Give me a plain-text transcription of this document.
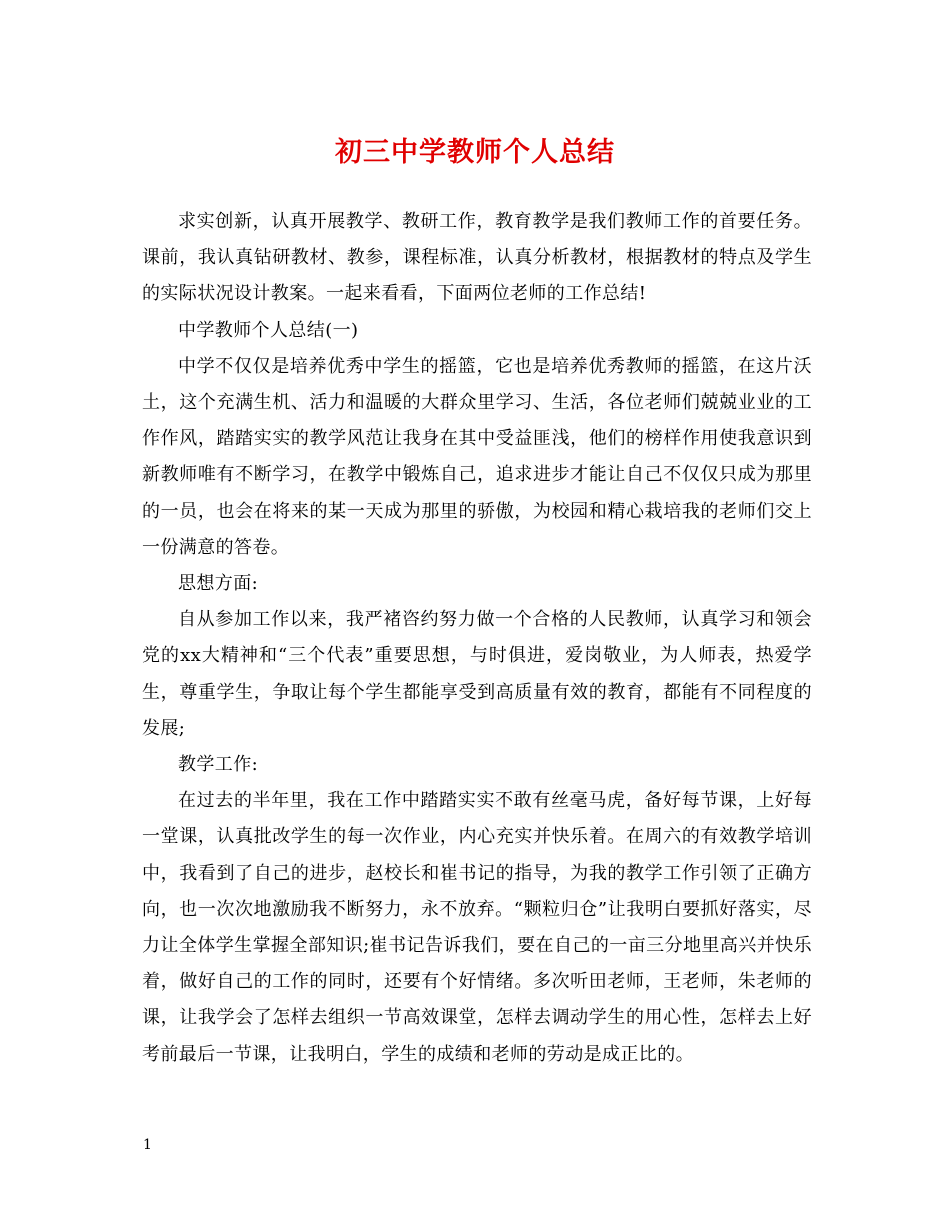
初三中学教师个人总结

求实创新，认真开展教学、教研工作，教育教学是我们教师工作的首要任务。课前，我认真钻研教材、教参，课程标准，认真分析教材，根据教材的特点及学生的实际状况设计教案。一起来看看，下面两位老师的工作总结!

中学教师个人总结(一)

中学不仅仅是培养优秀中学生的摇篮，它也是培养优秀教师的摇篮，在这片沃土，这个充满生机、活力和温暖的大群众里学习、生活，各位老师们兢兢业业的工作作风，踏踏实实的教学风范让我身在其中受益匪浅，他们的榜样作用使我意识到新教师唯有不断学习，在教学中锻炼自己，追求进步才能让自己不仅仅只成为那里的一员，也会在将来的某一天成为那里的骄傲，为校园和精心栽培我的老师们交上一份满意的答卷。

思想方面:

自从参加工作以来，我严褚咨约努力做一个合格的人民教师，认真学习和领会党的xx大精神和“三个代表”重要思想，与时俱进，爱岗敬业，为人师表，热爱学生，尊重学生，争取让每个学生都能享受到高质量有效的教育，都能有不同程度的发展;

教学工作:

在过去的半年里，我在工作中踏踏实实不敢有丝毫马虎，备好每节课，上好每一堂课，认真批改学生的每一次作业，内心充实并快乐着。在周六的有效教学培训中，我看到了自己的进步，赵校长和崔书记的指导，为我的教学工作引领了正确方向，也一次次地激励我不断努力，永不放弃。“颗粒归仓”让我明白要抓好落实，尽力让全体学生掌握全部知识;崔书记告诉我们，要在自己的一亩三分地里高兴并快乐着，做好自己的工作的同时，还要有个好情绪。多次听田老师，王老师，朱老师的课，让我学会了怎样去组织一节高效课堂，怎样去调动学生的用心性，怎样去上好考前最后一节课，让我明白，学生的成绩和老师的劳动是成正比的。

1
